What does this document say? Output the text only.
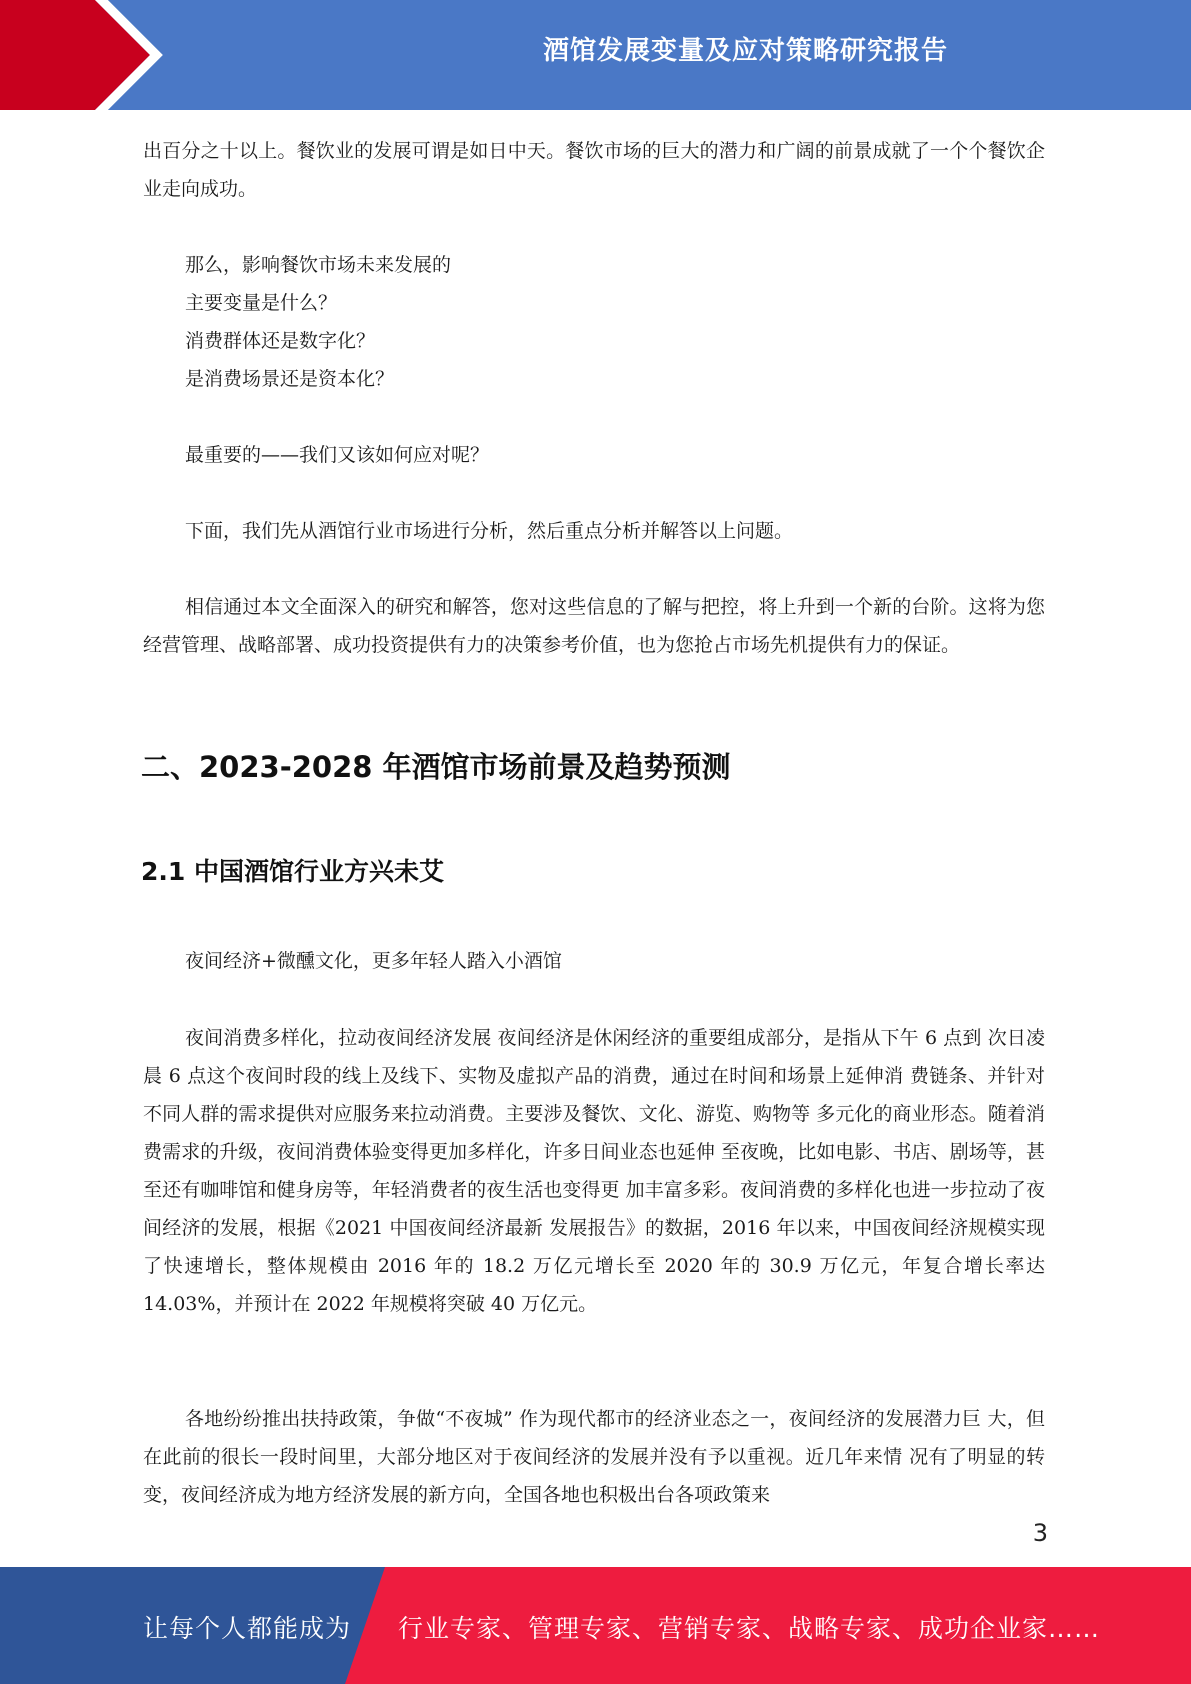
酒馆发展变量及应对策略研究报告

出百分之十以上。餐饮业的发展可谓是如日中天。餐饮市场的巨大的潜力和广阔的前景成就了一个个餐饮企业走向成功。

那么，影响餐饮市场未来发展的

主要变量是什么？

消费群体还是数字化？

是消费场景还是资本化？

最重要的——我们又该如何应对呢？

下面，我们先从酒馆行业市场进行分析，然后重点分析并解答以上问题。

相信通过本文全面深入的研究和解答，您对这些信息的了解与把控，将上升到一个新的台阶。这将为您经营管理、战略部署、成功投资提供有力的决策参考价值，也为您抢占市场先机提供有力的保证。

二、2023-2028 年酒馆市场前景及趋势预测
2.1 中国酒馆行业方兴未艾

夜间经济+微醺文化，更多年轻人踏入小酒馆

夜间消费多样化，拉动夜间经济发展 夜间经济是休闲经济的重要组成部分，是指从下午 6 点到 次日凌晨 6 点这个夜间时段的线上及线下、实物及虚拟产品的消费，通过在时间和场景上延伸消 费链条、并针对不同人群的需求提供对应服务来拉动消费。主要涉及餐饮、文化、游览、购物等 多元化的商业形态。随着消费需求的升级，夜间消费体验变得更加多样化，许多日间业态也延伸 至夜晚，比如电影、书店、剧场等，甚至还有咖啡馆和健身房等，年轻消费者的夜生活也变得更 加丰富多彩。夜间消费的多样化也进一步拉动了夜间经济的发展，根据《2021 中国夜间经济最新 发展报告》的数据，2016 年以来，中国夜间经济规模实现了快速增长，整体规模由 2016 年的 18.2 万亿元增长至 2020 年的 30.9 万亿元，年复合增长率达 14.03%，并预计在 2022 年规模将突破 40 万亿元。

各地纷纷推出扶持政策，争做“不夜城” 作为现代都市的经济业态之一，夜间经济的发展潜力巨 大，但在此前的很长一段时间里，大部分地区对于夜间经济的发展并没有予以重视。近几年来情 况有了明显的转变，夜间经济成为地方经济发展的新方向，全国各地也积极出台各项政策来

3
让每个人都能成为 行业专家、管理专家、营销专家、战略专家、成功企业家……
